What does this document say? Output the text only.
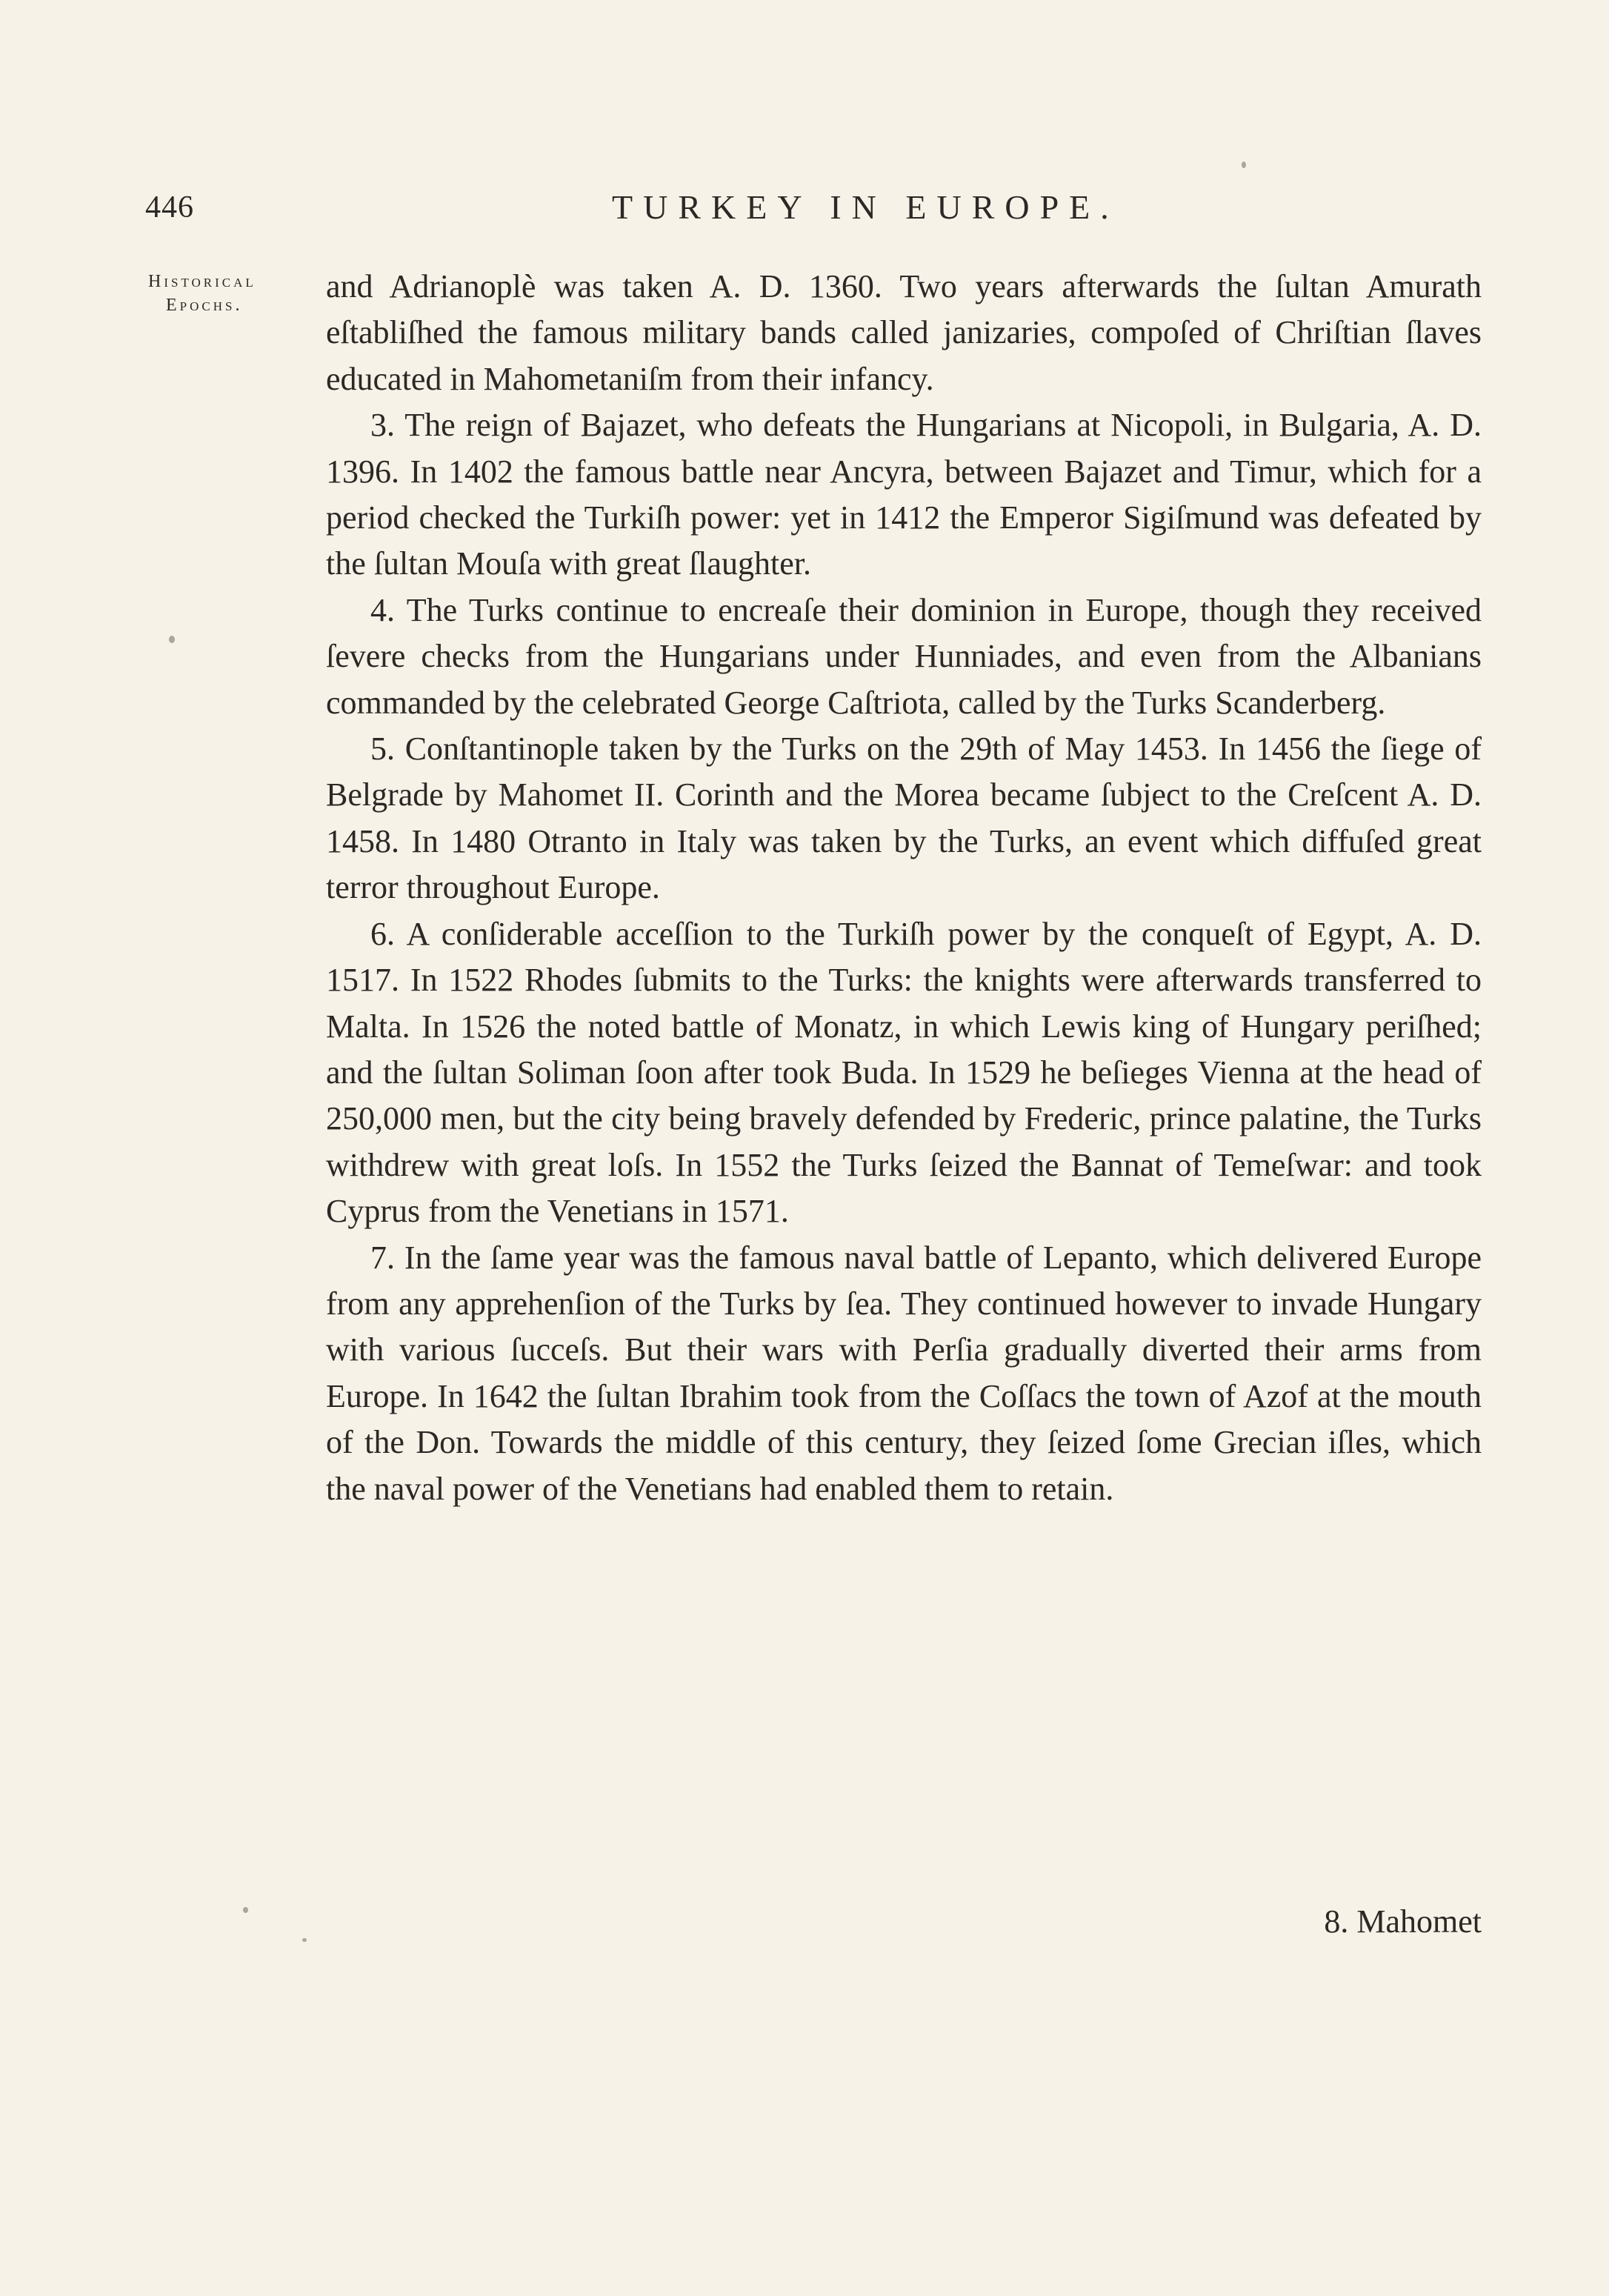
446	TURKEY IN EUROPE.
Historical
Epochs.

and Adrianoplè was taken A. D. 1360. Two years afterwards the ſultan Amurath eſtabliſhed the famous military bands called janizaries, compoſed of Chriſtian ſlaves educated in Mahometaniſm from their infancy.

3. The reign of Bajazet, who defeats the Hungarians at Nicopoli, in Bulgaria, A. D. 1396. In 1402 the famous battle near Ancyra, between Bajazet and Timur, which for a period checked the Turkiſh power: yet in 1412 the Emperor Sigiſmund was defeated by the ſultan Mouſa with great ſlaughter.

4. The Turks continue to encreaſe their dominion in Europe, though they received ſevere checks from the Hungarians under Hunniades, and even from the Albanians commanded by the celebrated George Caſtriota, called by the Turks Scanderberg.

5. Conſtantinople taken by the Turks on the 29th of May 1453. In 1456 the ſiege of Belgrade by Mahomet II. Corinth and the Morea became ſubject to the Creſcent A. D. 1458. In 1480 Otranto in Italy was taken by the Turks, an event which diffuſed great terror throughout Europe.

6. A conſiderable acceſſion to the Turkiſh power by the conqueſt of Egypt, A. D. 1517. In 1522 Rhodes ſubmits to the Turks: the knights were afterwards transferred to Malta. In 1526 the noted battle of Monatz, in which Lewis king of Hungary periſhed; and the ſultan Soliman ſoon after took Buda. In 1529 he beſieges Vienna at the head of 250,000 men, but the city being bravely defended by Frederic, prince palatine, the Turks withdrew with great loſs. In 1552 the Turks ſeized the Bannat of Temeſwar: and took Cyprus from the Venetians in 1571.

7. In the ſame year was the famous naval battle of Lepanto, which delivered Europe from any apprehenſion of the Turks by ſea. They continued however to invade Hungary with various ſucceſs. But their wars with Perſia gradually diverted their arms from Europe. In 1642 the ſultan Ibrahim took from the Coſſacs the town of Azof at the mouth of the Don. Towards the middle of this century, they ſeized ſome Grecian iſles, which the naval power of the Venetians had enabled them to retain.

8. Mahomet
